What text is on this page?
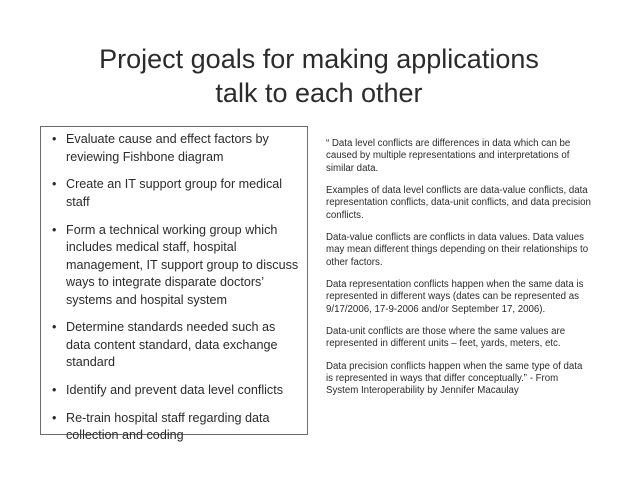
Project goals for making applications
talk to each other
• Evaluate cause and effect factors by reviewing Fishbone diagram
• Create an IT support group for medical staff
• Form a technical working group which includes medical staff, hospital management, IT support group to discuss ways to integrate disparate doctors’ systems and hospital system
• Determine standards needed such as data content standard, data exchange standard
• Identify and prevent data level conflicts
• Re-train hospital staff regarding data collection and coding

“ Data level conflicts are differences in data which can be caused by multiple representations and interpretations of similar data.

Examples of data level conflicts are data-value conflicts, data representation conflicts, data-unit conflicts, and data precision conflicts.

Data-value conflicts are conflicts in data values. Data values may mean different things depending on their relationships to other factors.

Data representation conflicts happen when the same data is represented in different ways (dates can be represented as 9/17/2006, 17-9-2006 and/or September 17, 2006).

Data-unit conflicts are those where the same values are represented in different units – feet, yards, meters, etc.

Data precision conflicts happen when the same type of data is represented in ways that differ conceptually.” - From System Interoperability by Jennifer Macaulay
